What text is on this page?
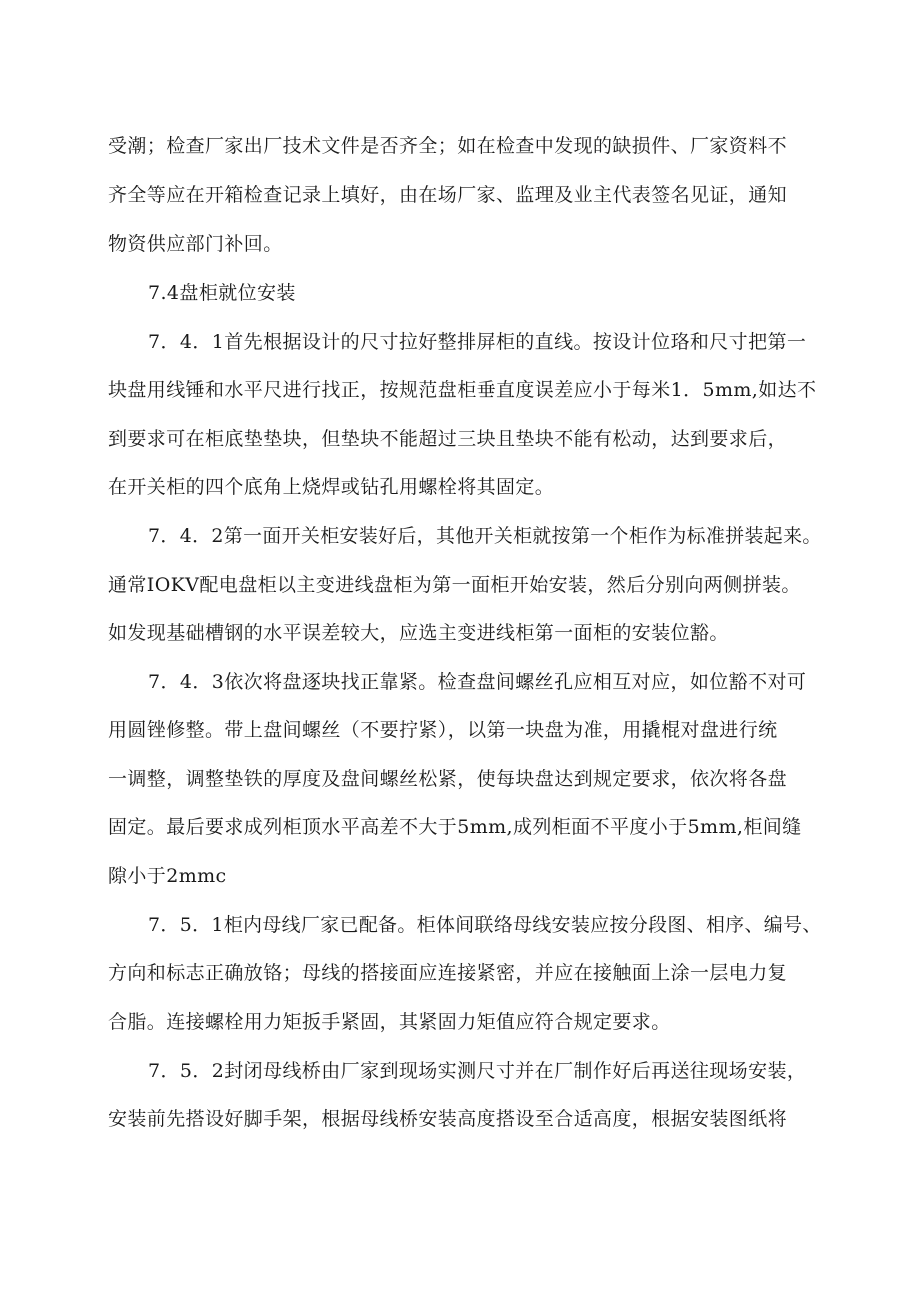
受潮；检查厂家出厂技术文件是否齐全；如在检查中发现的缺损件、厂家资料不
齐全等应在开箱检查记录上填好，由在场厂家、监理及业主代表签名见证，通知
物资供应部门补回。
7.4盘柜就位安装
7．4．1首先根据设计的尺寸拉好整排屏柜的直线。按设计位珞和尺寸把第一
块盘用线锤和水平尺进行找正，按规范盘柜垂直度误差应小于每米1．5mm,如达不
到要求可在柜底垫垫块，但垫块不能超过三块且垫块不能有松动，达到要求后，
在开关柜的四个底角上烧焊或钻孔用螺栓将其固定。
7．4．2第一面开关柜安装好后，其他开关柜就按第一个柜作为标准拼装起来。
通常IOKV配电盘柜以主变进线盘柜为第一面柜开始安装，然后分别向两侧拼装。
如发现基础槽钢的水平误差较大，应选主变进线柜第一面柜的安装位豁。
7．4．3依次将盘逐块找正靠紧。检查盘间螺丝孔应相互对应，如位豁不对可
用圆锉修整。带上盘间螺丝（不要拧紧），以第一块盘为准，用撬棍对盘进行统
一调整，调整垫铁的厚度及盘间螺丝松紧，使每块盘达到规定要求，依次将各盘
固定。最后要求成列柜顶水平高差不大于5mm,成列柜面不平度小于5mm,柜间缝
隙小于2mmc
7．5．1柜内母线厂家已配备。柜体间联络母线安装应按分段图、相序、编号、
方向和标志正确放铬；母线的搭接面应连接紧密，并应在接触面上涂一层电力复
合脂。连接螺栓用力矩扳手紧固，其紧固力矩值应符合规定要求。
7．5．2封闭母线桥由厂家到现场实测尺寸并在厂制作好后再送往现场安装，
安装前先搭设好脚手架，根据母线桥安装高度搭设至合适高度，根据安装图纸将
